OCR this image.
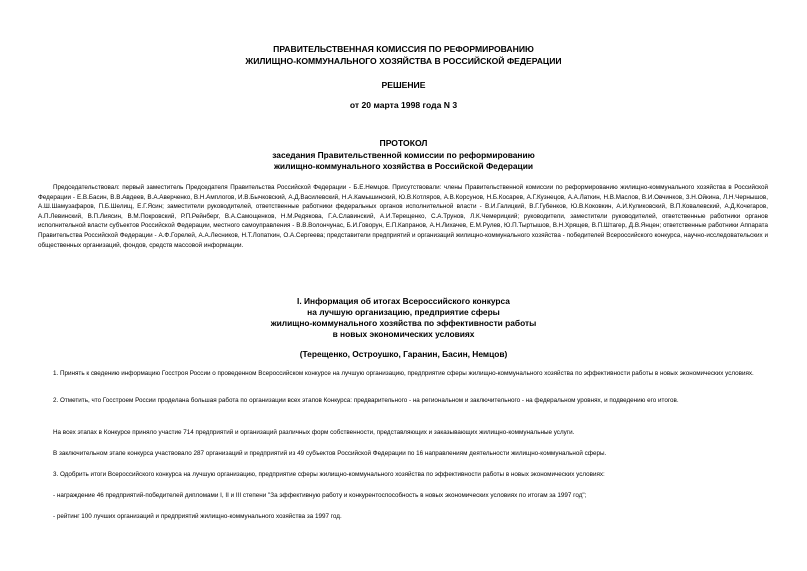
ПРАВИТЕЛЬСТВЕННАЯ КОМИССИЯ ПО РЕФОРМИРОВАНИЮ
ЖИЛИЩНО-КОММУНАЛЬНОГО ХОЗЯЙСТВА В РОССИЙСКОЙ ФЕДЕРАЦИИ
РЕШЕНИЕ
от 20 марта 1998 года N 3
ПРОТОКОЛ
заседания Правительственной комиссии по реформированию
жилищно-коммунального хозяйства в Российской Федерации
Председательствовал: первый заместитель Председателя Правительства Российской Федерации - Б.Е.Немцов. Присутствовали: члены Правительственной комиссии по реформированию жилищно-коммунального хозяйства в Российской Федерации - Е.В.Басин, В.В.Авдеев, В.А.Аверченко, В.Н.Амплогов, И.В.Бычковский, А.Д.Василевский, Н.А.Камышинский, Ю.В.Котляров, А.В.Корсунов, Н.Б.Косарев, А.Г.Кузнецов, А.А.Латкин, Н.В.Маслов, В.И.Овчинков, З.Н.Ойкина, Л.Н.Чернышов, А.Ш.Шамузафаров, П.Б.Шелищ, Е.Г.Ясин; заместители руководителей, ответственные работники федеральных органов исполнительной власти - В.И.Галицкий, В.Г.Губенков, Ю.В.Коковкин, А.И.Куликовский, В.П.Ковалевский, А.Д.Кочегаров, А.П.Левинский, В.П.Лиясин, В.М.Покровский, Р.П.Рейнберг, В.А.Самощенков, Н.М.Редякова, Г.А.Славинский, А.И.Терещенко, С.А.Трунов, Л.К.Чемерицкий; руководители, заместители руководителей, ответственные работники органов исполнительной власти субъектов Российской Федерации, местного самоуправления - В.В.Волончунас, Б.И.Говорун, Е.П.Капранов, А.Н.Лихачев, Е.М.Рулев, Ю.П.Тыртышов, В.Н.Хрящев, В.П.Штагер, Д.В.Янцен; ответственные работники Аппарата Правительства Российской Федерации - А.Ф.Горелей, А.А.Лесников, Н.Т.Лопаткин, О.А.Сергеева; представители предприятий и организаций жилищно-коммунального хозяйства - победителей Всероссийского конкурса, научно-исследовательских и общественных организаций, фондов, средств массовой информации.
I. Информация об итогах Всероссийского конкурса
на лучшую организацию, предприятие сферы
жилищно-коммунального хозяйства по эффективности работы
в новых экономических условиях
(Терещенко, Остроушко, Гаранин, Басин, Немцов)
1. Принять к сведению информацию Госстроя России о проведенном Всероссийском конкурсе на лучшую организацию, предприятие сферы жилищно-коммунального хозяйства по эффективности работы в новых экономических условиях.
2. Отметить, что Госстроем России проделана большая работа по организации всех этапов Конкурса: предварительного - на региональном и заключительного - на федеральном уровнях, и подведению его итогов.
На всех этапах в Конкурсе приняло участие 714 предприятий и организаций различных форм собственности, представляющих и заказывающих жилищно-коммунальные услуги.
В заключительном этапе конкурса участвовало 287 организаций и предприятий из 49 субъектов Российской Федерации по 16 направлениям деятельности жилищно-коммунальной сферы.
3. Одобрить итоги Всероссийского конкурса на лучшую организацию, предприятие сферы жилищно-коммунального хозяйства по эффективности работы в новых экономических условиях:
- награждение 46 предприятий-победителей дипломами I, II и III степени "За эффективную работу и конкурентоспособность в новых экономических условиях по итогам за 1997 год";
- рейтинг 100 лучших организаций и предприятий жилищно-коммунального хозяйства за 1997 год.
